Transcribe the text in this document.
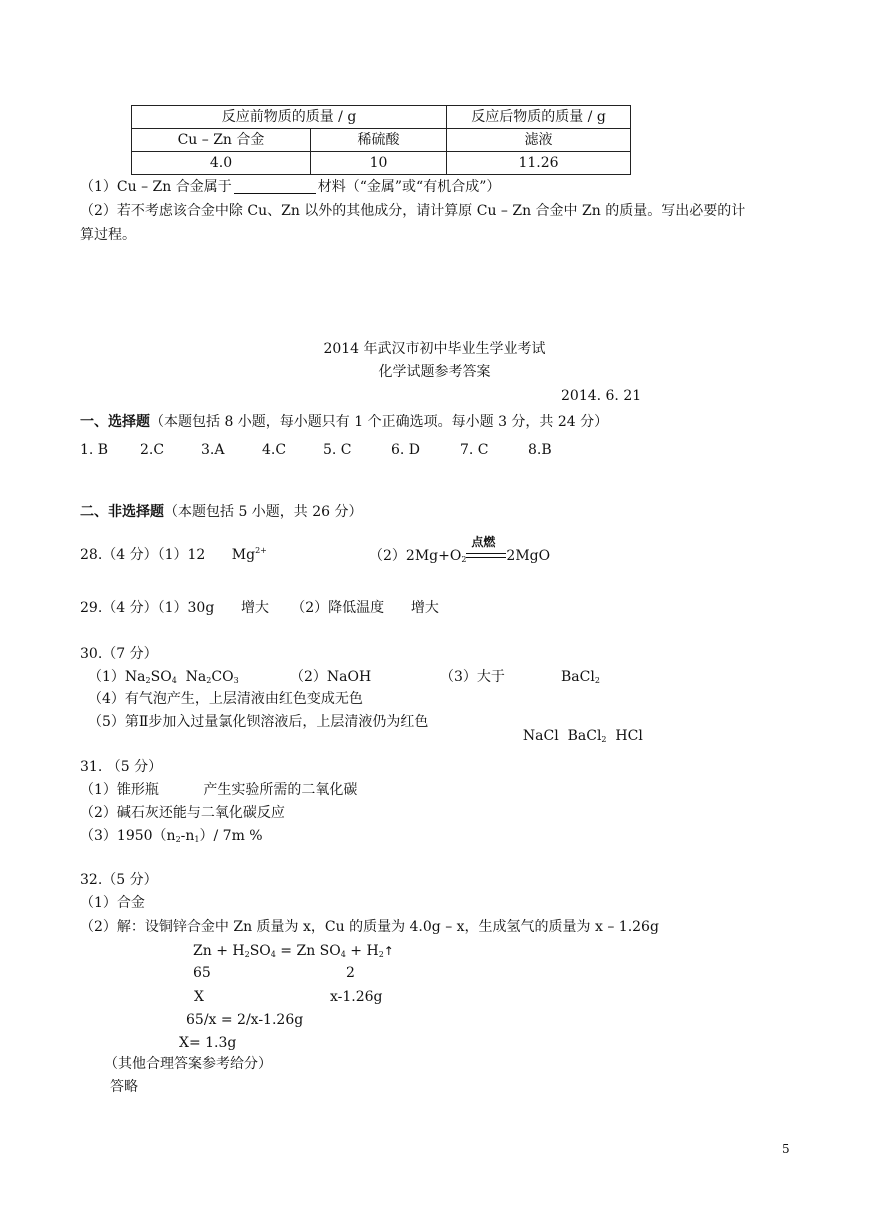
反应前物质的质量 / g		反应后物质的质量 / g
Cu – Zn 合金	稀硫酸	滤液
4.0	10	11.26
（1）Cu – Zn 合金属于	材料（“金属”或“有机合成”）
（2）若不考虑该合金中除 Cu、Zn 以外的其他成分，请计算原 Cu – Zn 合金中 Zn 的质量。写出必要的计
算过程。
2014 年武汉市初中毕业生学业考试
化学试题参考答案
2014. 6. 21
一、选择题（本题包括 8 小题，每小题只有 1 个正确选项。每小题 3 分，共 24 分）
1. B 2.C	3.A	4.C	5. C	6. D	7. C	8.B
二、非选择题（本题包括 5 小题，共 26 分）
28.（4 分）（1）12 $Mg^{2+}$	$(2)2Mg+O_2$
点燃
2MgO
29.（4 分）（1）30g      增大     （2）降低温度      增大
30.（7 分）
$(1)Na_2SO_4$  $Na_2CO_3$	（2）NaOH	（3）大于	BaCl$_2$
（4）有气泡产生，上层清液由红色变成无色
（5）第Ⅱ步加入过量氯化钡溶液后，上层清液仍为红色

NaCl  BaCl$_2$ HCl

31. （5 分）
（1）锥形瓶          产生实验所需的二氧化碳
（2）碱石灰还能与二氧化碳反应
$(3)1950(n_2-n_1)/$ 7m %
32.（5 分）
（1）合金
（2）解：设铜锌合金中 Zn 质量为 x，Cu 的质量为 4.0g – x，生成氢气的质量为 x – 1.26g
$Zn + H_2SO_4 = Zn$ $SO_4$ + $H_2↑$
65	2
X	x-1.26g
65/x = 2/x-1.26g
X= 1.3g
（其他合理答案参考给分）
答略
5
